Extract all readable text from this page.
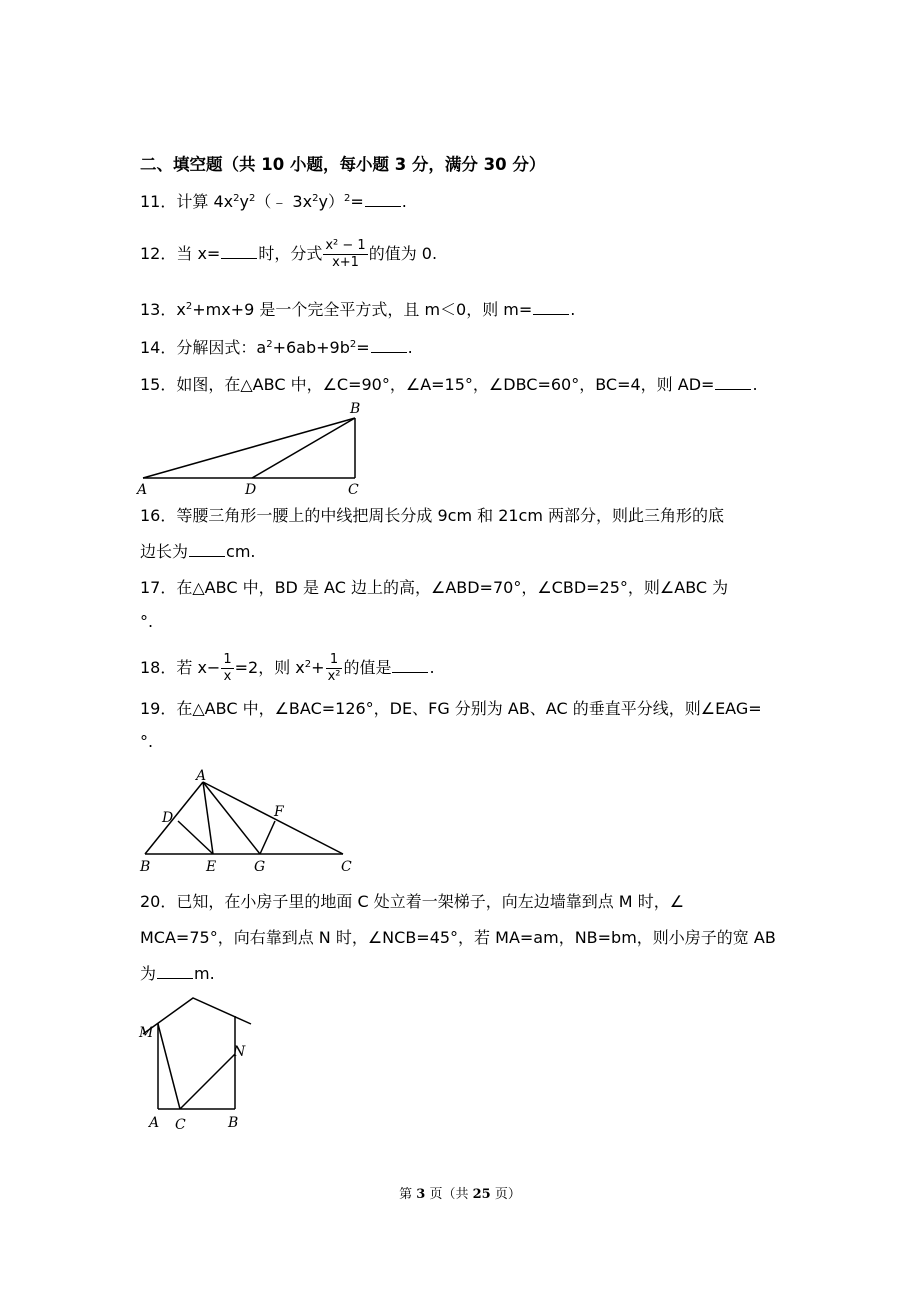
二、填空题（共 10 小题，每小题 3 分，满分 30 分）
11．计算 $4x^2y^2(﹣$ $3x^2y)^2=$ .
12．当 x= 时，分式 $\frac{\text{x² − 1}}{x+1}$ 的值为 0.
13．$x^2+mx+9$ 是一个完全平方式，且 m＜0，则 m= .
14．分解因式：$a^2+6ab+9b^2=$ .
15．如图，在△ABC 中，∠C=90°，∠A=15°，∠DBC=60°，BC=4，则 AD= .
A	D	C
B
16．等腰三角形一腰上的中线把周长分成 9cm 和 21cm 两部分，则此三角形的底
边长为 cm.
17．在△ABC 中，BD 是 AC 边上的高，∠ABD=70°，∠CBD=25°，则∠ABC 为
°.
18．若 $x- \frac{1}{x} =2$，则 $x^2+ \frac{1}{\text{x²}}$ 的值是 .
19．在△ABC 中，∠BAC=126°，DE、FG 分别为 AB、AC 的垂直平分线，则∠EAG=
°.
A
D	F
B	E	G	C
20．已知，在小房子里的地面 C 处立着一架梯子，向左边墙靠到点 M 时，∠
MCA=75°，向右靠到点 N 时，∠NCB=45°，若 MA=am，NB=bm，则小房子的宽 AB
为 m.
M
N
A C	B
第 3 页（共 25 页）
